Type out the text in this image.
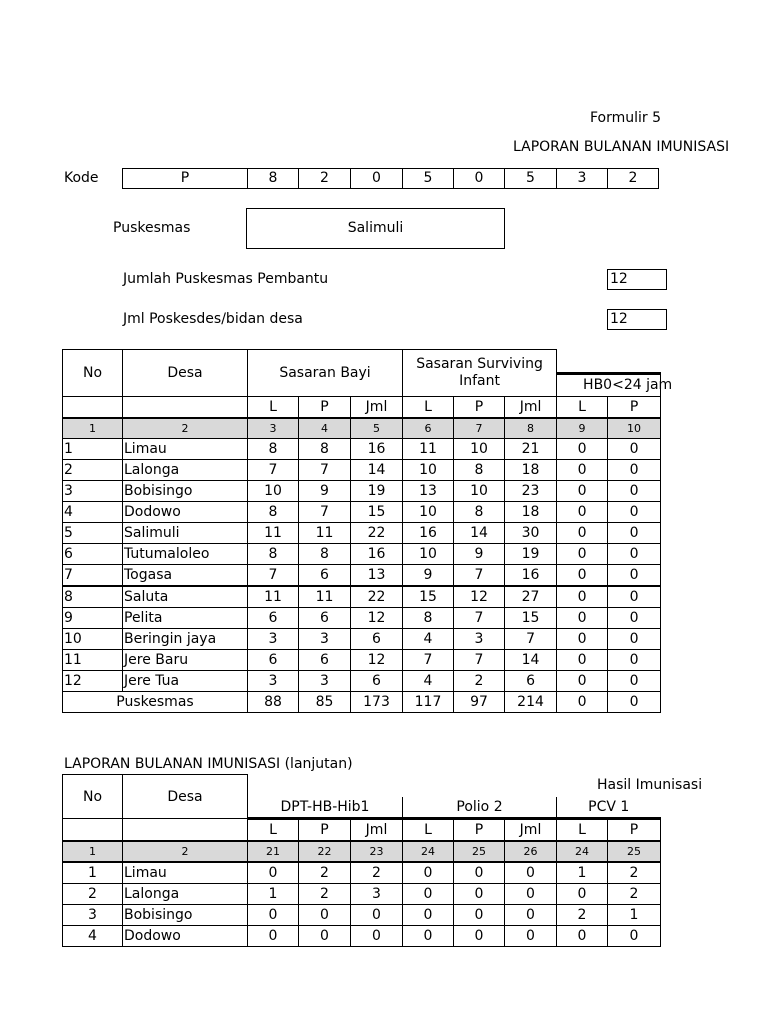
Formulir 5
LAPORAN BULANAN IMUNISASI
Kode	P	8	2	0	5	0	5	3	2
Puskesmas	Salimuli
Jumlah Puskesmas Pembantu	12
Jml Poskesdes/bidan desa	12
No	Desa	Sasaran Bayi			Sasaran Surviving Infant				
								HB0<24 jam	
		L	P	Jml	L	P	Jml	L	P
1	2	3	4	5	6	7	8	9	10
1	Limau	8	8	16	11	10	21	0	0
2	Lalonga	7	7	14	10	8	18	0	0
3	Bobisingo	10	9	19	13	10	23	0	0
4	Dodowo	8	7	15	10	8	18	0	0
5	Salimuli	11	11	22	16	14	30	0	0
6	Tutumaloleo	8	8	16	10	9	19	0	0
7	Togasa	7	6	13	9	7	16	0	0
8	Saluta	11	11	22	15	12	27	0	0
9	Pelita	6	6	12	8	7	15	0	0
10	Beringin jaya	3	3	6	4	3	7	0	0
11	Jere Baru	6	6	12	7	7	14	0	0
12	Jere Tua	3	3	6	4	2	6	0	0
Puskesmas		88	85	173	117	97	214	0	0
LAPORAN BULANAN IMUNISASI (lanjutan)
Hasil Imunisasi
No	Desa								
		DPT-HB-Hib1			Polio 2			PCV 1	
		L	P	Jml	L	P	Jml	L	P
1	2	21	22	23	24	25	26	24	25
1	Limau	0	2	2	0	0	0	1	2
2	Lalonga	1	2	3	0	0	0	0	2
3	Bobisingo	0	0	0	0	0	0	2	1
4	Dodowo	0	0	0	0	0	0	0	0
